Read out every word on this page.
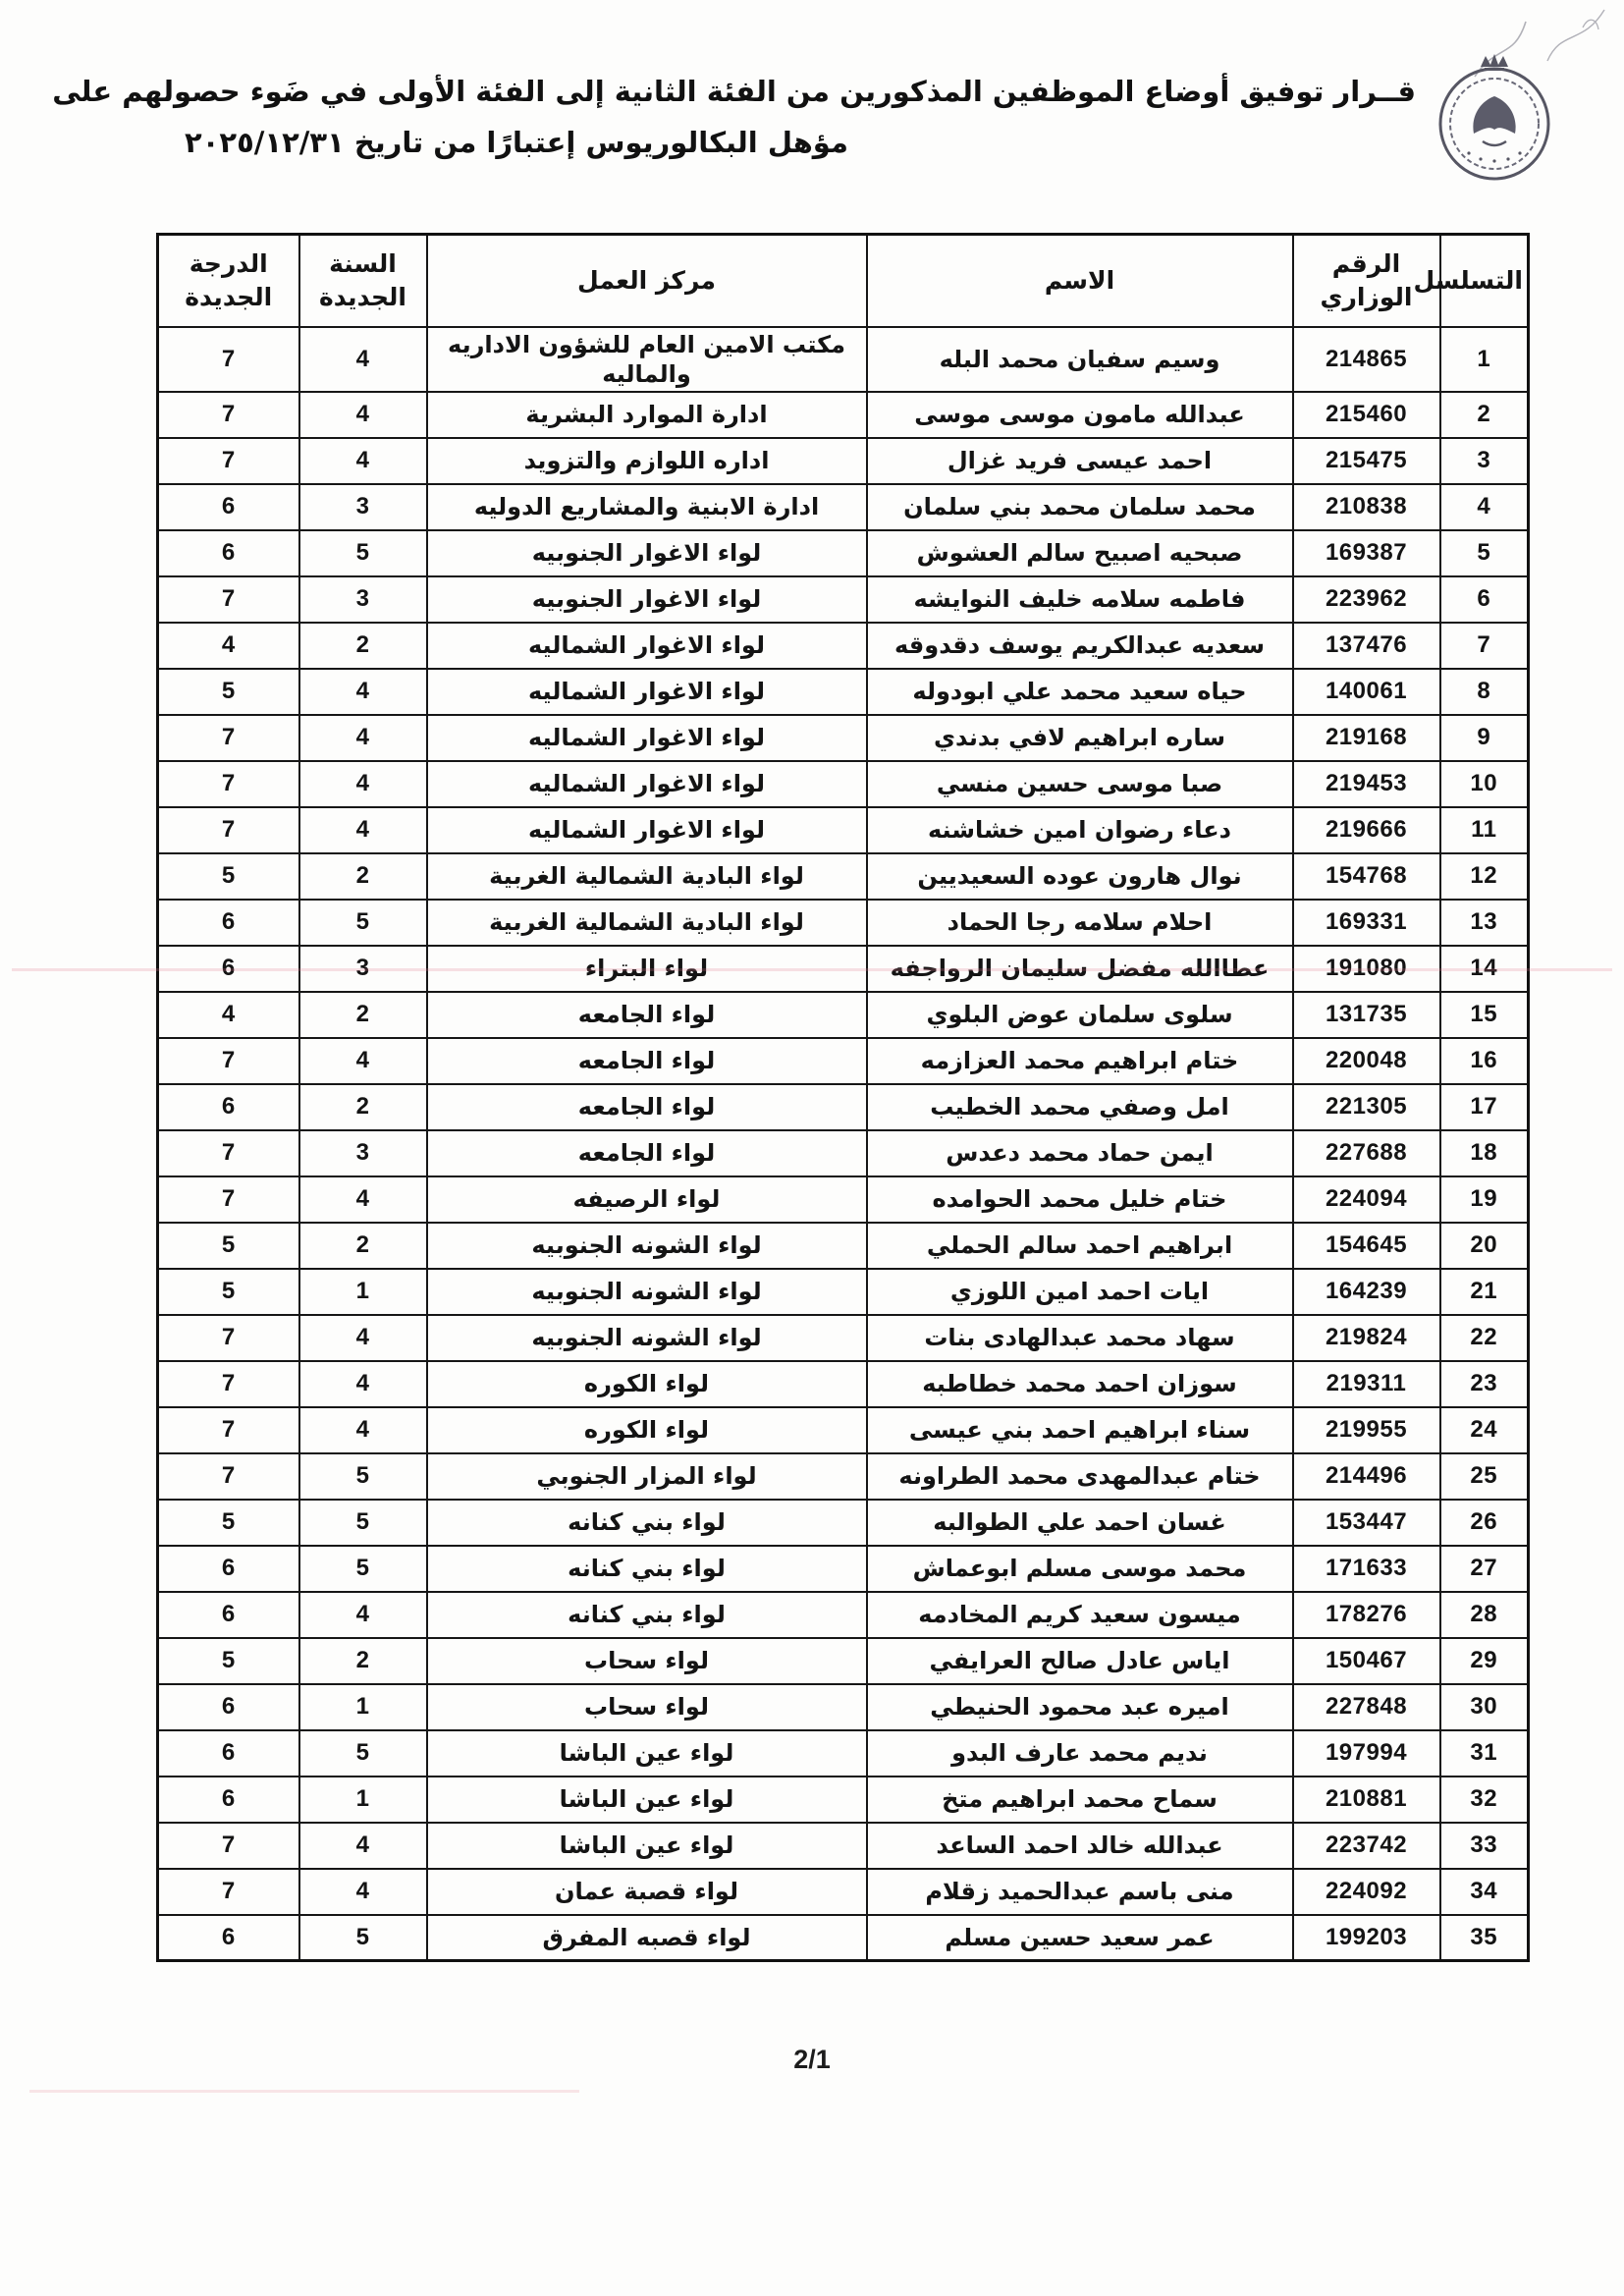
قــرار توفيق أوضاع الموظفين المذكورين من الفئة الثانية إلى الفئة الأولى في ضَوء حصولهم على
مؤهل البكالوريوس إعتبارًا من تاريخ ٢٠٢٥/١٢/٣١
التسلسل	الرقم الوزاري	الاسم	مركز العمل	السنة الجديدة	الدرجة الجديدة
1	214865	وسيم سفيان محمد البله	مكتب الامين العام للشؤون الاداريه والماليه	4	7
2	215460	عبدالله مامون موسى موسى	ادارة الموارد البشرية	4	7
3	215475	احمد عيسى فريد غزال	اداره اللوازم والتزويد	4	7
4	210838	محمد سلمان محمد بني سلمان	ادارة الابنية والمشاريع الدوليه	3	6
5	169387	صبحيه اصبيح سالم العشوش	لواء الاغوار الجنوبيه	5	6
6	223962	فاطمه سلامه خليف النوايشه	لواء الاغوار الجنوبيه	3	7
7	137476	سعديه عبدالكريم يوسف دقدوقه	لواء الاغوار الشماليه	2	4
8	140061	حياه سعيد محمد علي ابودوله	لواء الاغوار الشماليه	4	5
9	219168	ساره ابراهيم لافي بدندي	لواء الاغوار الشماليه	4	7
10	219453	صبا موسى حسين منسي	لواء الاغوار الشماليه	4	7
11	219666	دعاء رضوان امين خشاشنه	لواء الاغوار الشماليه	4	7
12	154768	نوال هارون عوده السعيديين	لواء البادية الشمالية الغربية	2	5
13	169331	احلام سلامه رجا الحماد	لواء البادية الشمالية الغربية	5	6
14	191080	عطاالله مفضل سليمان الرواجفه	لواء البتراء	3	6
15	131735	سلوى سلمان عوض البلوي	لواء الجامعه	2	4
16	220048	ختام ابراهيم محمد العزازمه	لواء الجامعه	4	7
17	221305	امل وصفي محمد الخطيب	لواء الجامعه	2	6
18	227688	ايمن حماد محمد دعدس	لواء الجامعه	3	7
19	224094	ختام خليل محمد الحوامده	لواء الرصيفه	4	7
20	154645	ابراهيم احمد سالم الحملي	لواء الشونه الجنوبيه	2	5
21	164239	ايات احمد امين اللوزي	لواء الشونه الجنوبيه	1	5
22	219824	سهاد محمد عبدالهادى بنات	لواء الشونه الجنوبيه	4	7
23	219311	سوزان احمد محمد خطاطبه	لواء الكوره	4	7
24	219955	سناء ابراهيم احمد بني عيسى	لواء الكوره	4	7
25	214496	ختام عبدالمهدى محمد الطراونه	لواء المزار الجنوبي	5	7
26	153447	غسان احمد علي الطوالبه	لواء بني كنانه	5	5
27	171633	محمد موسى مسلم ابوعماش	لواء بني كنانه	5	6
28	178276	ميسون سعيد كريم المخادمه	لواء بني كنانه	4	6
29	150467	اياس عادل صالح العرايفي	لواء سحاب	2	5
30	227848	اميره عبد محمود الحنيطي	لواء سحاب	1	6
31	197994	نديم محمد عارف البدو	لواء عين الباشا	5	6
32	210881	سماح محمد ابراهيم متخ	لواء عين الباشا	1	6
33	223742	عبدالله خالد احمد الساعد	لواء عين الباشا	4	7
34	224092	منى باسم عبدالحميد زقلام	لواء قصبة عمان	4	7
35	199203	عمر سعيد حسين مسلم	لواء قصبه المفرق	5	6
2/1
